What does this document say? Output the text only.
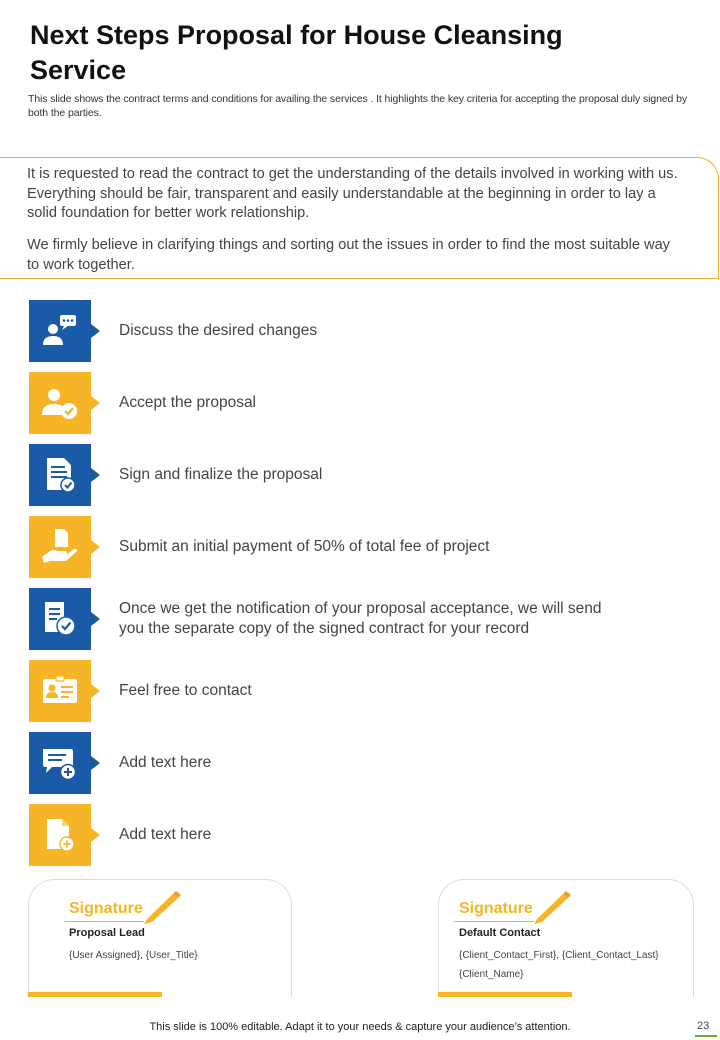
Next Steps Proposal for House Cleansing Service

This slide shows the contract terms and conditions for availing the services . It highlights the key criteria for accepting the proposal duly signed by both the parties.

It is requested to read the contract to get the understanding of the details involved in working with us. Everything should be fair, transparent and easily understandable at the beginning in order to lay a solid foundation for better work relationship.

We firmly believe in clarifying things and sorting out the issues in order to find the most suitable way to work together.

Discuss the desired changes
Accept the proposal
Sign and finalize the proposal
Submit an initial payment of 50% of total fee of project
Once we get the notification of your proposal acceptance, we will send
you the separate copy of the signed contract for your record
Feel free to contact
Add text here
Add text here
Signature
Proposal Lead
{User Assigned}, {User_Title}
Signature
Default Contact
{Client_Contact_First}, {Client_Contact_Last}
{Client_Name}
This slide is 100% editable. Adapt it to your needs & capture your audience’s attention.	23
